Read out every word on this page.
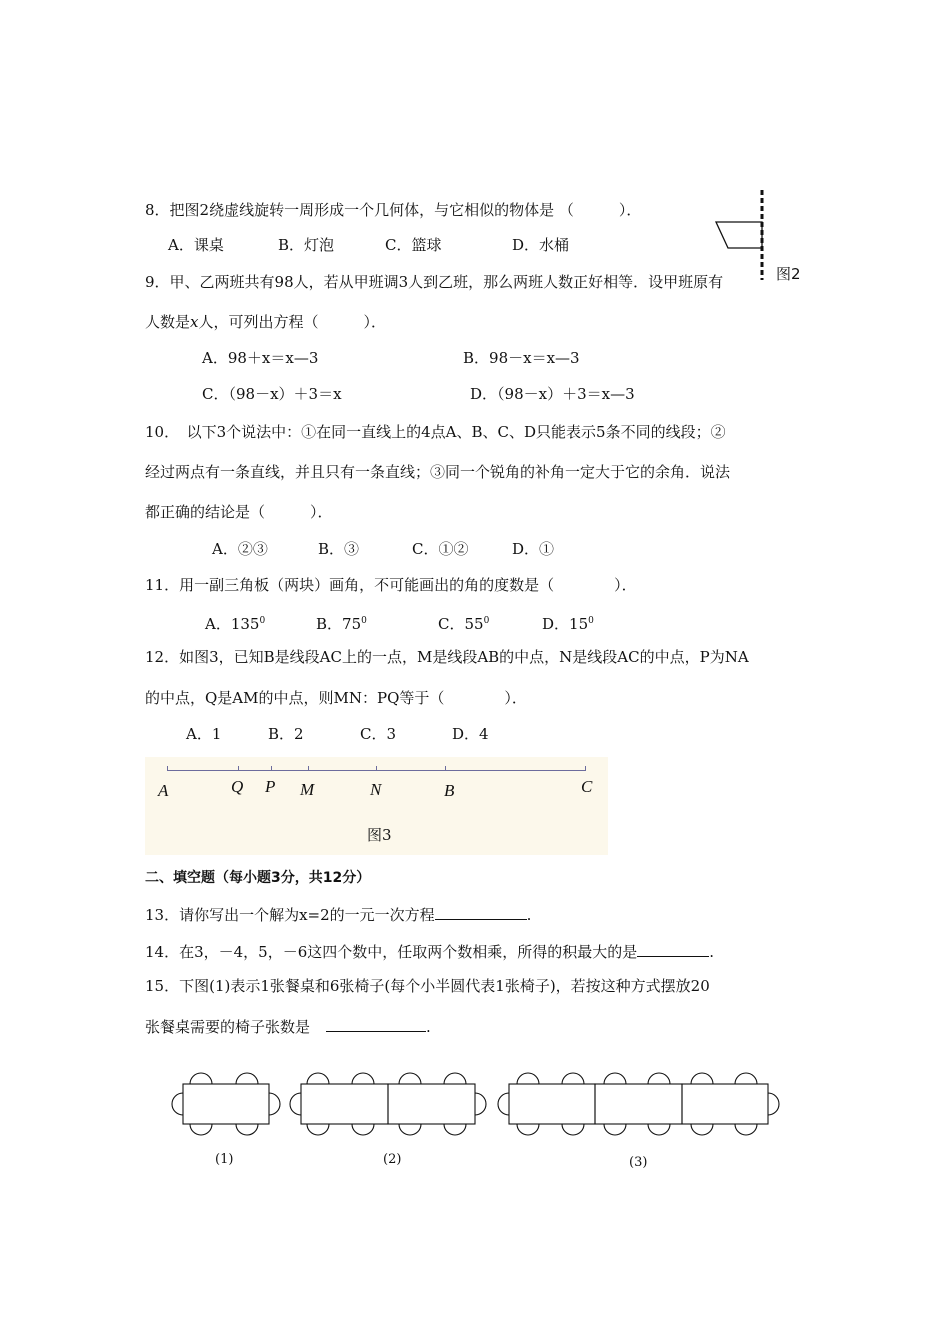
8．把图2绕虚线旋转一周形成一个几何体，与它相似的物体是 （　　　）．
A．课桌	B．灯泡	C．篮球	D．水桶
图2
9．甲、乙两班共有98人，若从甲班调3人到乙班，那么两班人数正好相等．设甲班原有
人数是x人，可列出方程（　　　）．
A．98＋x＝x—3	B．98－x＝x—3
C．（98－x）＋3＝x	D．（98－x）＋3＝x—3
10．　以下3个说法中：①在同一直线上的4点A、B、C、D只能表示5条不同的线段；②
经过两点有一条直线，并且只有一条直线；③同一个锐角的补角一定大于它的余角．说法
都正确的结论是（　　　）．
A．②③	B．③	C．①②	D．①
11．用一副三角板（两块）画角，不可能画出的角的度数是（　　　　）．
A．$135^0$	B．$75^0$	C．$55^0$	D．$15^0$
12．如图3，已知B是线段AC上的一点，M是线段AB的中点，N是线段AC的中点，P为NA
的中点，Q是AM的中点，则MN：PQ等于（　　　　）．
A．1	B．2	C．3	D．4
A	Q P M	N	B	C
图3
二、填空题（每小题3分，共12分）
13．请你写出一个解为x=2的一元一次方程	.
14．在3，－4，5，－6这四个数中，任取两个数相乘，所得的积最大的是	.
15．下图(1)表示1张餐桌和6张椅子(每个小半圆代表1张椅子)，若按这种方式摆放20
张餐桌需要的椅子张数是	.
(1)	(2)	(3)
